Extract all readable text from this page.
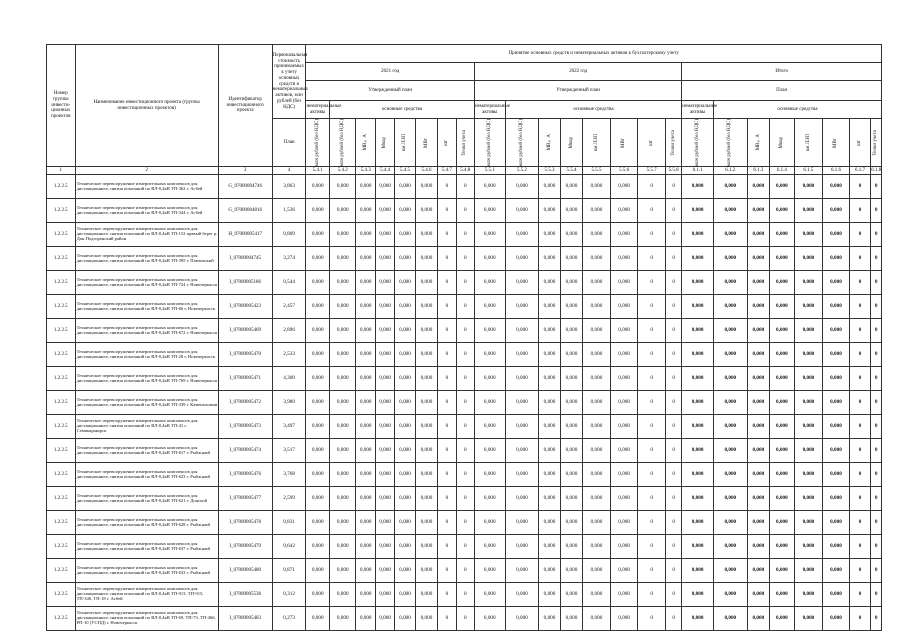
Номер группы инвести-ционных проектов	Наименование инвестиционного проекта (группы инвестиционных проектов)	Идентификатор инвестиционного проекта	Первоначальная стоимость принимаемых к учету основных средств и нематериальных активов, млн рублей (без НДС)	Принятие основных средств и нематериальных активов к бухгалтерскому учету																							
				2021 год								2022 год								Итого							
				Утвержденный план								Утвержденный план								План							
				нематериальные активы	основные средства							нематериальные активы	основные средства							нематериальные активы	основные средства						
			План	млн рублей (без НДС)	млн рублей (без НДС)	МВ×А	Мвар	км ЛЭП	МВт	шт	Точки учета	млн рублей (без НДС)	млн рублей (без НДС)	МВ×А	Мвар	км ЛЭП	МВт	шт	Точки учета	млн рублей (без НДС)	млн рублей (без НДС)	МВ×А	Мвар	км ЛЭП	МВт	шт	Точки учета

1	2	3	4	5.4.1	5.4.2	5.4.3	5.4.4	5.4.5	5.4.6	5.4.7	5.4.8	5.5.1	5.5.2	5.5.3	5.5.4	5.5.5	5.5.6	5.5.7	5.5.8	6.1.1	6.1.2	6.1.3	6.1.4	6.1.5	6.1.6	6.1.7	6.1.8
1.2.3.5	Техническое перевооружение измерительных комплексов для дистанционного снятия показаний по ВЛ-0,4кВ ТП-362 г. Асбей	G_07000004746	3,863	0,000	0,000	0,000	0,000	0,000	0,000	0	0	0,000	0,000	0,000	0,000	0,000	0,000	0	0	0,000	0,000	0,000	0,000	0,000	0,000	0	0
1.2.3.5	Техническое перевооружение измерительных комплексов для дистанционного снятия показаний по ВЛ-0,4кВ ТП-344 г. Асбей	G_07000004816	1,536	0,000	0,000	0,000	0,000	0,000	0,000	0	0	0,000	0,000	0,000	0,000	0,000	0,000	0	0	0,000	0,000	0,000	0,000	0,000	0,000	0	0
1.2.3.5	Техническое перевооружение измерительных комплексов для дистанционного снятия показаний по ВЛ-0,4кВ ТП-152 правый берег р. Дон Подгоренский район	H_07000005417	0,809	0,000	0,000	0,000	0,000	0,000	0,000	0	0	0,000	0,000	0,000	0,000	0,000	0,000	0	0	0,000	0,000	0,000	0,000	0,000	0,000	0	0
1.2.3.5	Техническое перевооружение измерительных комплексов для дистанционного снятия показаний по ВЛ-0,4кВ ТП-395 г. Павловский	I_07000004745	3,274	0,000	0,000	0,000	0,000	0,000	0,000	0	0	0,000	0,000	0,000	0,000	0,000	0,000	0	0	0,000	0,000	0,000	0,000	0,000	0,000	0	0
1.2.3.5	Техническое перевооружение измерительных комплексов для дистанционного снятия показаний по ВЛ-0,4кВ ТП-724 г. Новочеркасск	I_07000005186	0,544	0,000	0,000	0,000	0,000	0,000	0,000	0	0	0,000	0,000	0,000	0,000	0,000	0,000	0	0	0,000	0,000	0,000	0,000	0,000	0,000	0	0
1.2.3.5	Техническое перевооружение измерительных комплексов для дистанционного снятия показаний по ВЛ-0,4кВ ТП-66 г. Новочеркасск	I_07000005423	2,457	0,000	0,000	0,000	0,000	0,000	0,000	0	0	0,000	0,000	0,000	0,000	0,000	0,000	0	0	0,000	0,000	0,000	0,000	0,000	0,000	0	0
1.2.3.5	Техническое перевооружение измерительных комплексов для дистанционного снятия показаний по ВЛ-0,4кВ ТП-672 г. Новочеркасск	I_07000005469	2,896	0,000	0,000	0,000	0,000	0,000	0,000	0	0	0,000	0,000	0,000	0,000	0,000	0,000	0	0	0,000	0,000	0,000	0,000	0,000	0,000	0	0
1.2.3.5	Техническое перевооружение измерительных комплексов для дистанционного снятия показаний по ВЛ-0,4кВ ТП-28 г. Новочеркасск	I_07000005470	2,533	0,000	0,000	0,000	0,000	0,000	0,000	0	0	0,000	0,000	0,000	0,000	0,000	0,000	0	0	0,000	0,000	0,000	0,000	0,000	0,000	0	0
1.2.3.5	Техническое перевооружение измерительных комплексов для дистанционного снятия показаний по ВЛ-0,4кВ ТП-769 г. Новочеркасск	I_07000005471	4,300	0,000	0,000	0,000	0,000	0,000	0,000	0	0	0,000	0,000	0,000	0,000	0,000	0,000	0	0	0,000	0,000	0,000	0,000	0,000	0,000	0	0
1.2.3.5	Техническое перевооружение измерительных комплексов для дистанционного снятия показаний по ВЛ-0,4кВ ТП-339 г. Каменоломни	I_07000005472	3,980	0,000	0,000	0,000	0,000	0,000	0,000	0	0	0,000	0,000	0,000	0,000	0,000	0,000	0	0	0,000	0,000	0,000	0,000	0,000	0,000	0	0
1.2.3.5	Техническое перевооружение измерительных комплексов для дистанционного снятия показаний по ВЛ-0,4кВ ТП-41 г. Семикаракорск	I_07000005473	3,497	0,000	0,000	0,000	0,000	0,000	0,000	0	0	0,000	0,000	0,000	0,000	0,000	0,000	0	0	0,000	0,000	0,000	0,000	0,000	0,000	0	0
1.2.3.5	Техническое перевооружение измерительных комплексов для дистанционного снятия показаний по ВЛ-0,4кВ ТП-617 г. Рыбацкий	I_07000005474	3,517	0,000	0,000	0,000	0,000	0,000	0,000	0	0	0,000	0,000	0,000	0,000	0,000	0,000	0	0	0,000	0,000	0,000	0,000	0,000	0,000	0	0
1.2.3.5	Техническое перевооружение измерительных комплексов для дистанционного снятия показаний по ВЛ-0,4кВ ТП-623 г. Рыбацкий	I_07000005476	3,768	0,000	0,000	0,000	0,000	0,000	0,000	0	0	0,000	0,000	0,000	0,000	0,000	0,000	0	0	0,000	0,000	0,000	0,000	0,000	0,000	0	0
1.2.3.5	Техническое перевооружение измерительных комплексов для дистанционного снятия показаний по ВЛ-0,4кВ ТП-621 г. Донской	I_07000005477	2,599	0,000	0,000	0,000	0,000	0,000	0,000	0	0	0,000	0,000	0,000	0,000	0,000	0,000	0	0	0,000	0,000	0,000	0,000	0,000	0,000	0	0
1.2.3.5	Техническое перевооружение измерительных комплексов для дистанционного снятия показаний по ВЛ-0,4кВ ТП-628 г. Рыбацкий	I_07000005478	0,831	0,000	0,000	0,000	0,000	0,000	0,000	0	0	0,000	0,000	0,000	0,000	0,000	0,000	0	0	0,000	0,000	0,000	0,000	0,000	0,000	0	0
1.2.3.5	Техническое перевооружение измерительных комплексов для дистанционного снятия показаний по ВЛ-0,4кВ ТП-637 г. Рыбацкий	I_07000005479	0,642	0,000	0,000	0,000	0,000	0,000	0,000	0	0	0,000	0,000	0,000	0,000	0,000	0,000	0	0	0,000	0,000	0,000	0,000	0,000	0,000	0	0
1.2.3.5	Техническое перевооружение измерительных комплексов для дистанционного снятия показаний по ВЛ-0,4кВ ТП-633 г. Рыбацкий	I_07000005480	0,871	0,000	0,000	0,000	0,000	0,000	0,000	0	0	0,000	0,000	0,000	0,000	0,000	0,000	0	0	0,000	0,000	0,000	0,000	0,000	0,000	0	0
1.2.3.5	Техническое перевооружение измерительных комплексов для дистанционного снятия показаний по ВЛ-0,4кВ ТП-913, ТП-915, ТП-340, ТП-18 г. Асбей	I_07000005538	0,312	0,000	0,000	0,000	0,000	0,000	0,000	0	0	0,000	0,000	0,000	0,000	0,000	0,000	0	0	0,000	0,000	0,000	0,000	0,000	0,000	0	0
1.2.3.5	Техническое перевооружение измерительных комплексов для дистанционного снятия показаний по ВЛ-0,4кВ ТП-69, ТП-73, ТП-466, РП-10 (УСПД) г. Новочеркасск	I_07000005483	0,273	0,000	0,000	0,000	0,000	0,000	0,000	0	0	0,000	0,000	0,000	0,000	0,000	0,000	0	0	0,000	0,000	0,000	0,000	0,000	0,000	0	0
